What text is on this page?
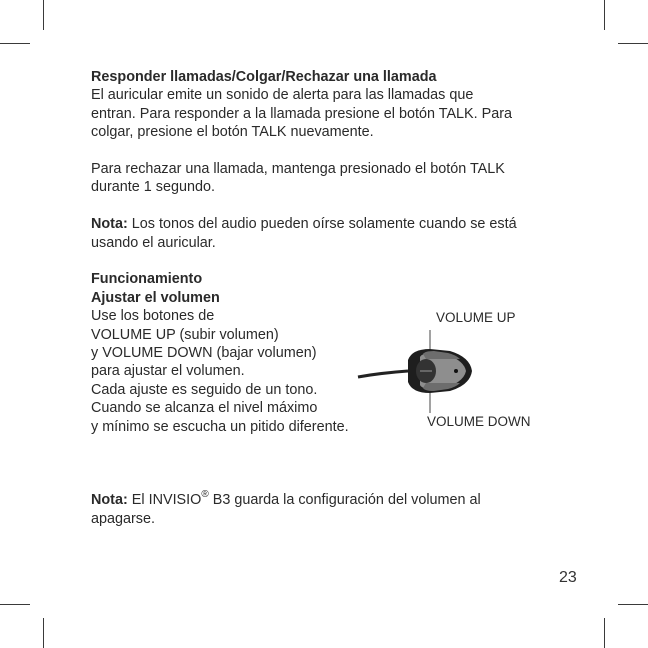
Responder llamadas/Colgar/Rechazar una llamada

El auricular emite un sonido de alerta para las llamadas que

entran. Para responder a la llamada presione el botón TALK. Para

colgar, presione el botón TALK nuevamente.

Para rechazar una llamada, mantenga presionado el botón TALK

durante 1 segundo.

Nota: Los tonos del audio pueden oírse solamente cuando se está

usando el auricular.

Funcionamiento

Ajustar el volumen

Use los botones de

VOLUME UP (subir volumen)

y VOLUME DOWN (bajar volumen)

para ajustar el volumen.

Cada ajuste es seguido de un tono.

Cuando se alcanza el nivel máximo

y mínimo se escucha un pitido diferente.

Nota: El INVISIO® B3 guarda la configuración del volumen al

apagarse.

VOLUME UP
VOLUME DOWN
23
